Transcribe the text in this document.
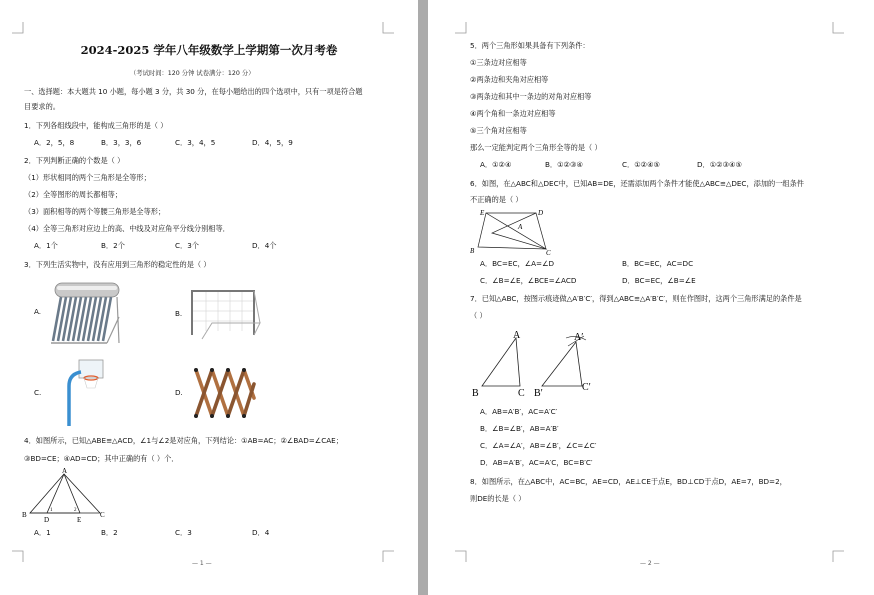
2024-2025 学年八年级数学上学期第一次月考卷
（考试时间：120 分钟 试卷满分：120 分）
一、选择题：本大题共 10 小题，每小题 3 分，共 30 分，在每小题给出的四个选项中，只有一项是符合题
目要求的。
1．下列各组线段中，能构成三角形的是（ ）
A．2，5，8	B．3，3，6	C．3，4，5	D．4，5，9
2．下列判断正确的个数是（ ）
（1）形状相同的两个三角形是全等形；
（2）全等图形的周长都相等；
（3）面积相等的两个等腰三角形是全等形；
（4）全等三角形对应边上的高、中线及对应角平分线分别相等．
A．1个	B．2个	C．3个	D．4个
3．下列生活实物中，没有应用到三角形的稳定性的是（ ）
A.	B.
C.	D.
4．如图所示，已知△ABE≌△ACD，∠1与∠2是对应角，下列结论：①AB=AC；②∠BAD=∠CAE；
③BD=CE；④AD=CD；其中正确的有（ ）个．
A
B	C
D	E
1	2
A．1	B．2	C．3	D．4
— 1 —
5．两个三角形如果具备有下列条件：
①三条边对应相等
②两条边和夹角对应相等
③两条边和其中一条边的对角对应相等
④两个角和一条边对应相等
⑤三个角对应相等
那么一定能判定两个三角形全等的是（ ）
A．①②④	B．①②③④	C．①②④⑤	D．①②③④⑤
6．如图，在△ABC和△DEC中，已知AB=DE，还需添加两个条件才能使△ABC≌△DEC，添加的一组条件
不正确的是（ ）
E	D
A
B	C
A．BC=EC，∠A=∠D	B．BC=EC，AC=DC
C．∠B=∠E，∠BCE=∠ACD	D．BC=EC，∠B=∠E
7．已知△ABC，按图示痕迹做△A′B′C′，得到△ABC≌△A′B′C′，则在作图时，这两个三角形满足的条件是
（ ）
A
B	C
A′
B′
C′
A．AB=A′B′，AC=A′C′
B．∠B=∠B′，AB=A′B′
C．∠A=∠A′，AB=∠B′，∠C=∠C′
D．AB=A′B′，AC=A′C，BC=B′C′
8．如图所示，在△ABC中，AC=BC，AE=CD，AE⊥CE于点E，BD⊥CD于点D，AE=7，BD=2，
则DE的长是（ ）
— 2 —
